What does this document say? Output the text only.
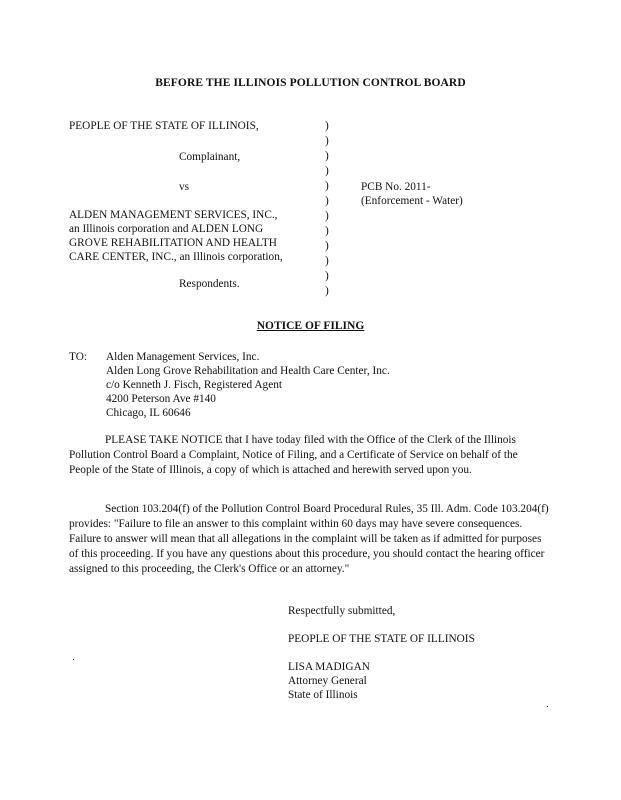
BEFORE THE ILLINOIS POLLUTION CONTROL BOARD
PEOPLE OF THE STATE OF ILLINOIS,
Complainant,
vs
ALDEN MANAGEMENT SERVICES, INC.,
an Illinois corporation and ALDEN LONG
GROVE REHABILITATION AND HEALTH
CARE CENTER, INC., an Illinois corporation,
Respondents.
)
)
)
)
)
)
)
)
)
)
)
)
PCB No. 2011-
(Enforcement - Water)
NOTICE OF FILING
TO: Alden Management Services, Inc.
Alden Long Grove Rehabilitation and Health Care Center, Inc.
c/o Kenneth J. Fisch, Registered Agent
4200 Peterson Ave #140
Chicago, IL 60646
PLEASE TAKE NOTICE that I have today filed with the Office of the Clerk of the Illinois Pollution Control Board a Complaint, Notice of Filing, and a Certificate of Service on behalf of the People of the State of Illinois, a copy of which is attached and herewith served upon you.
Section 103.204(f) of the Pollution Control Board Procedural Rules, 35 Ill. Adm. Code 103.204(f) provides: "Failure to file an answer to this complaint within 60 days may have severe consequences. Failure to answer will mean that all allegations in the complaint will be taken as if admitted for purposes of this proceeding. If you have any questions about this procedure, you should contact the hearing officer assigned to this proceeding, the Clerk's Office or an attorney."
Respectfully submitted,
PEOPLE OF THE STATE OF ILLINOIS
LISA MADIGAN
Attorney General
State of Illinois
